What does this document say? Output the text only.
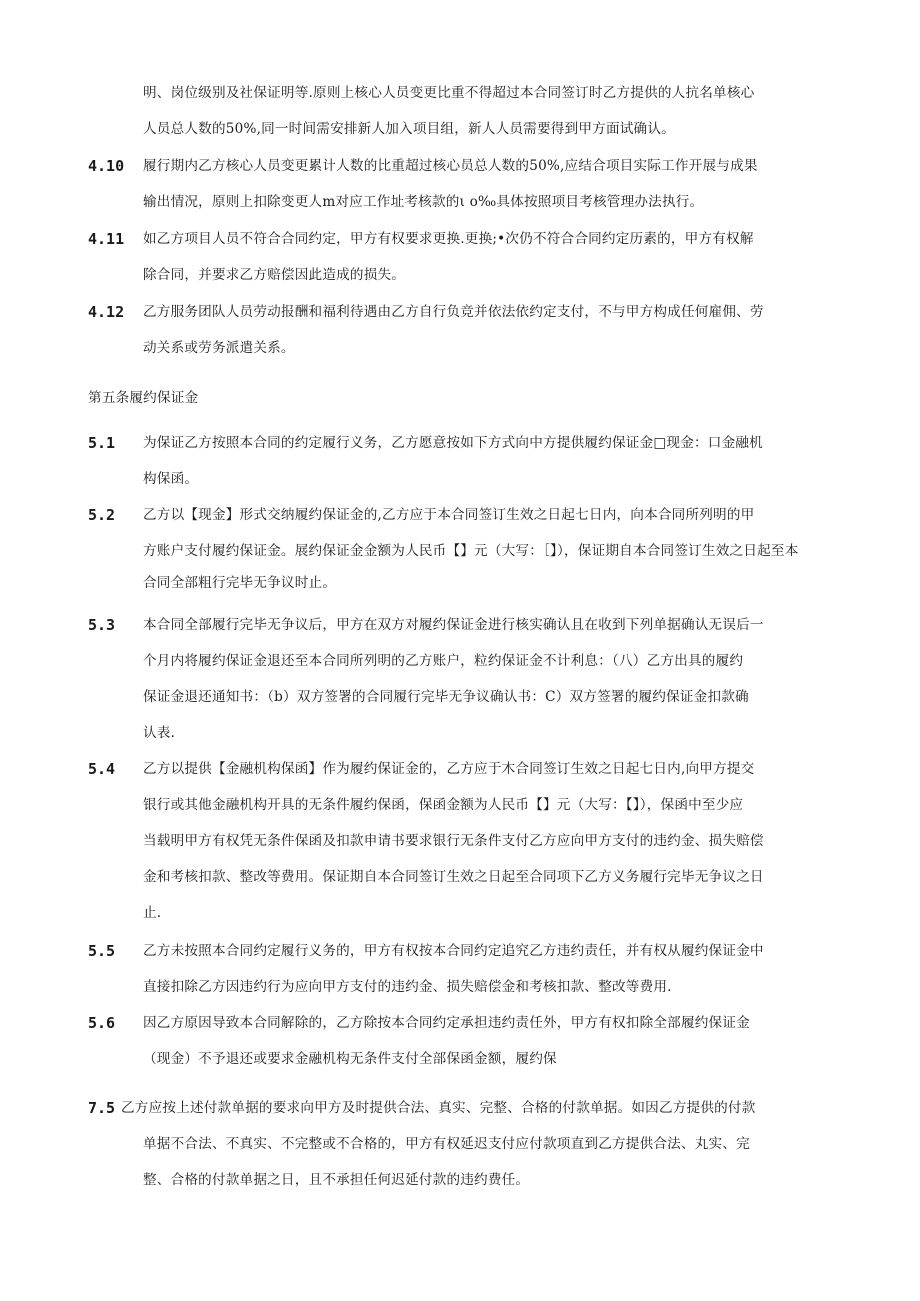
明、岗位级别及社保证明等.原则上核心人员变更比重不得超过本合同签订时乙方提供的人抗名单核心
人员总人数的50%,同一时间需安排新人加入项目组，新人人员需要得到甲方面试确认。
4.10 履行期内乙方核心人员变更累计人数的比重超过核心员总人数的50%,应结合项目实际工作开展与成果
输出情况，原则上扣除变更人m对应工作址考核款的ι o‰具体按照项目考核管理办法执行。
4.11 如乙方项目人员不符合合同约定，甲方有权要求更换.更换;•次仍不符合合同约定历素的，甲方有权解
除合同，并要求乙方赔偿因此造成的损失。
4.12 乙方服务团队人员劳动报酬和福利待遇由乙方自行负竞并依法依约定支付，不与甲方构成任何雇佣、劳
动关系或劳务派遣关系。
第五条履约保证金
5.1 为保证乙方按照本合同的约定履行义务，乙方愿意按如下方式向中方提供履约保证金□现金：口金融机
构保函。
5.2 乙方以【现金】形式交纳履约保证金的,乙方应于本合同签订生效之日起七日内，向本合同所列明的甲
方账户支付履约保证金。展约保证金金额为人民币【】元（大写：［】），保证期自本合同签订生效之日起至本
合同全部粗行完毕无争议时止。
5.3 本合同全部履行完毕无争议后，甲方在双方对履约保证金进行核实确认且在收到下列单据确认无误后一
个月内将履约保证金退还至本合同所列明的乙方账户，粒约保证金不计利息：（八）乙方出具的履约
保证金退还通知书：（b）双方签署的合同履行完毕无争议确认书：C）双方签署的履约保证金扣款确
认表.
5.4 乙方以提供【金融机构保函】作为履约保证金的，乙方应于木合同签订生效之日起七日内,向甲方提交
银行或其他金融机构开具的无条件履约保函，保函金额为人民币【】元（大写：【】），保函中至少应
当载明甲方有权凭无条件保函及扣款申请书要求银行无条件支付乙方应向甲方支付的违约金、损失赔偿
金和考核扣款、整改等费用。保证期自本合同签订生效之日起至合同项下乙方义务履行完毕无争议之日
止.
5.5 乙方未按照本合同约定履行义务的，甲方有权按本合同约定追究乙方违约责任，并有权从履约保证金中
直接扣除乙方因违约行为应向甲方支付的违约金、损失赔偿金和考核扣款、整改等费用.
5.6 因乙方原因导致本合同解除的，乙方除按本合同约定承担违约责任外，甲方有权扣除全部履约保证金
（现金）不予退还或要求金融机构无条件支付全部保函金额，履约保
7.5 乙方应按上述付款单据的要求向甲方及时提供合法、真实、完整、合格的付款单据。如因乙方提供的付款
单据不合法、不真实、不完整或不合格的，甲方有权延迟支付应付款项直到乙方提供合法、丸实、完
整、合格的付款单据之日，且不承担任何迟延付款的违约费任。
